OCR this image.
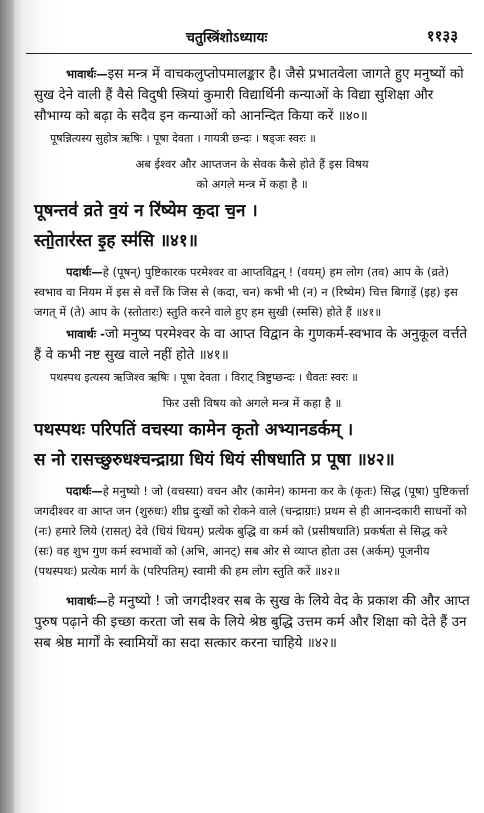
चतुस्त्रिंशोऽध्यायः	११३३

भावार्थः—इस मन्त्र में वाचकलुप्तोपमालङ्कार है। जैसे प्रभातवेला जागते हुए मनुष्यों को सुख देने वाली हैं वैसे विदुषी स्त्रियां कुमारी विद्यार्थिनी कन्याओं के विद्या सुशिक्षा और सौभाग्य को बढ़ा के सदैव इन कन्याओं को आनन्दित किया करें ॥४०॥

पूषन्नित्यस्य सुहोत्र ऋषिः । पूषा देवता । गायत्री छन्दः । षड्जः स्वरः ॥

अब ईश्वर और आप्तजन के सेवक कैसे होते हैं इस विषय

को अगले मन्त्र में कहा है ॥

पूषन्तव॑ व्रते व॒यं न रि॑ष्येम क॒दा च॒न ।

स्तो॒तार॑स्त इ॒ह स्म॑सि ॥४१॥

पदार्थः—हे (पूषन्) पुष्टिकारक परमेश्वर वा आप्तविद्वन् ! (वयम्) हम लोग (तव) आप के (व्रते) स्वभाव वा नियम में इस से वर्त्तें कि जिस से (कदा, चन) कभी भी (न) न (रिष्येम) चित्त बिगाड़ें (इह) इस जगत् में (ते) आप के (स्तोतारः) स्तुति करने वाले हुए हम सुखी (स्मसि) होते हैं ॥४१॥

भावार्थः -जो मनुष्य परमेश्वर के वा आप्त विद्वान के गुणकर्म-स्वभाव के अनुकूल वर्त्तते हैं वे कभी नष्ट सुख वाले नहीं होते ॥४१॥

पथस्पथ इत्यस्य ऋजिश्व ऋषिः । पूषा देवता । विराट् त्रिष्टुप्छन्दः । धैवतः स्वरः ॥

फिर उसी विषय को अगले मन्त्र में कहा है ॥

पथस्पथः परिपतिं वचस्या कामेन कृतो अभ्यानडर्कम् ।

स नो रासच्छुरुधश्चन्द्राग्रा धियं धियं सीषधाति प्र पूषा ॥४२॥

पदार्थः—हे मनुष्यो ! जो (वचस्या) वचन और (कामेन) कामना कर के (कृतः) सिद्ध (पूषा) पुष्टिकर्त्ता जगदीश्वर वा आप्त जन (शुरुधः) शीघ्र दुःखों को रोकने वाले (चन्द्राग्राः) प्रथम से ही आनन्दकारी साधनों को (नः) हमारे लिये (रासत्) देवे (धियं धियम्) प्रत्येक बुद्धि वा कर्म को (प्रसीषधाति) प्रकर्षता से सिद्ध करे (सः) वह शुभ गुण कर्म स्वभावों को (अभि, आनट्) सब ओर से व्याप्त होता उस (अर्कम्) पूजनीय (पथस्पथः) प्रत्येक मार्ग के (परिपतिम्) स्वामी की हम लोग स्तुति करें ॥४२॥

भावार्थः—हे मनुष्यो ! जो जगदीश्वर सब के सुख के लिये वेद के प्रकाश की और आप्त पुरुष पढ़ाने की इच्छा करता जो सब के लिये श्रेष्ठ बुद्धि उत्तम कर्म और शिक्षा को देते हैं उन सब श्रेष्ठ मार्गों के स्वामियों का सदा सत्कार करना चाहिये ॥४२॥
